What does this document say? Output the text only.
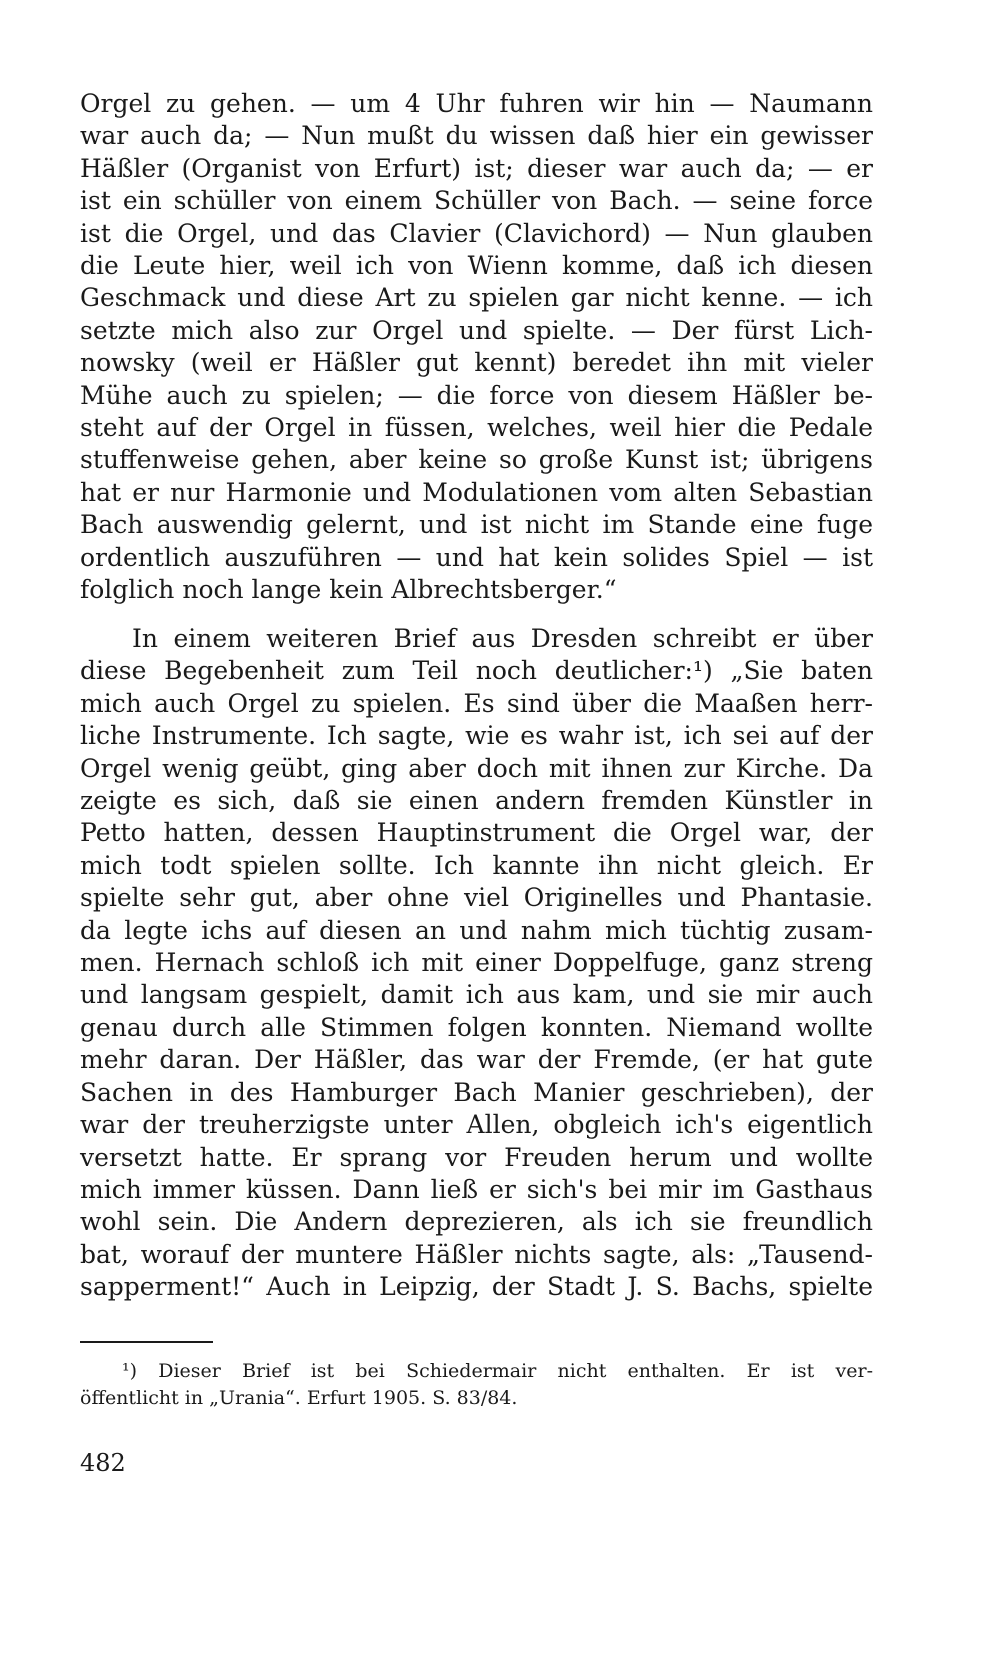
Orgel zu gehen. — um 4 Uhr fuhren wir hin — Naumann
war auch da; — Nun mußt du wissen daß hier ein gewisser
Häßler (Organist von Erfurt) ist; dieser war auch da; — er
ist ein schüller von einem Schüller von Bach. — seine force
ist die Orgel, und das Clavier (Clavichord) — Nun glauben
die Leute hier, weil ich von Wienn komme, daß ich diesen
Geschmack und diese Art zu spielen gar nicht kenne. — ich
setzte mich also zur Orgel und spielte. — Der fürst Lich-
nowsky (weil er Häßler gut kennt) beredet ihn mit vieler
Mühe auch zu spielen; — die force von diesem Häßler be-
steht auf der Orgel in füssen, welches, weil hier die Pedale
stuffenweise gehen, aber keine so große Kunst ist; übrigens
hat er nur Harmonie und Modulationen vom alten Sebastian
Bach auswendig gelernt, und ist nicht im Stande eine fuge
ordentlich auszuführen — und hat kein solides Spiel — ist
folglich noch lange kein Albrechtsberger.“
In einem weiteren Brief aus Dresden schreibt er über
diese Begebenheit zum Teil noch deutlicher:¹) „Sie baten
mich auch Orgel zu spielen. Es sind über die Maaßen herr-
liche Instrumente. Ich sagte, wie es wahr ist, ich sei auf der
Orgel wenig geübt, ging aber doch mit ihnen zur Kirche. Da
zeigte es sich, daß sie einen andern fremden Künstler in
Petto hatten, dessen Hauptinstrument die Orgel war, der
mich todt spielen sollte. Ich kannte ihn nicht gleich. Er
spielte sehr gut, aber ohne viel Originelles und Phantasie.
da legte ichs auf diesen an und nahm mich tüchtig zusam-
men. Hernach schloß ich mit einer Doppelfuge, ganz streng
und langsam gespielt, damit ich aus kam, und sie mir auch
genau durch alle Stimmen folgen konnten. Niemand wollte
mehr daran. Der Häßler, das war der Fremde, (er hat gute
Sachen in des Hamburger Bach Manier geschrieben), der
war der treuherzigste unter Allen, obgleich ich's eigentlich
versetzt hatte. Er sprang vor Freuden herum und wollte
mich immer küssen. Dann ließ er sich's bei mir im Gasthaus
wohl sein. Die Andern deprezieren, als ich sie freundlich
bat, worauf der muntere Häßler nichts sagte, als: „Tausend-
sapperment!“ Auch in Leipzig, der Stadt J. S. Bachs, spielte
¹) Dieser Brief ist bei Schiedermair nicht enthalten. Er ist ver-
öffentlicht in „Urania“. Erfurt 1905. S. 83/84.
482
